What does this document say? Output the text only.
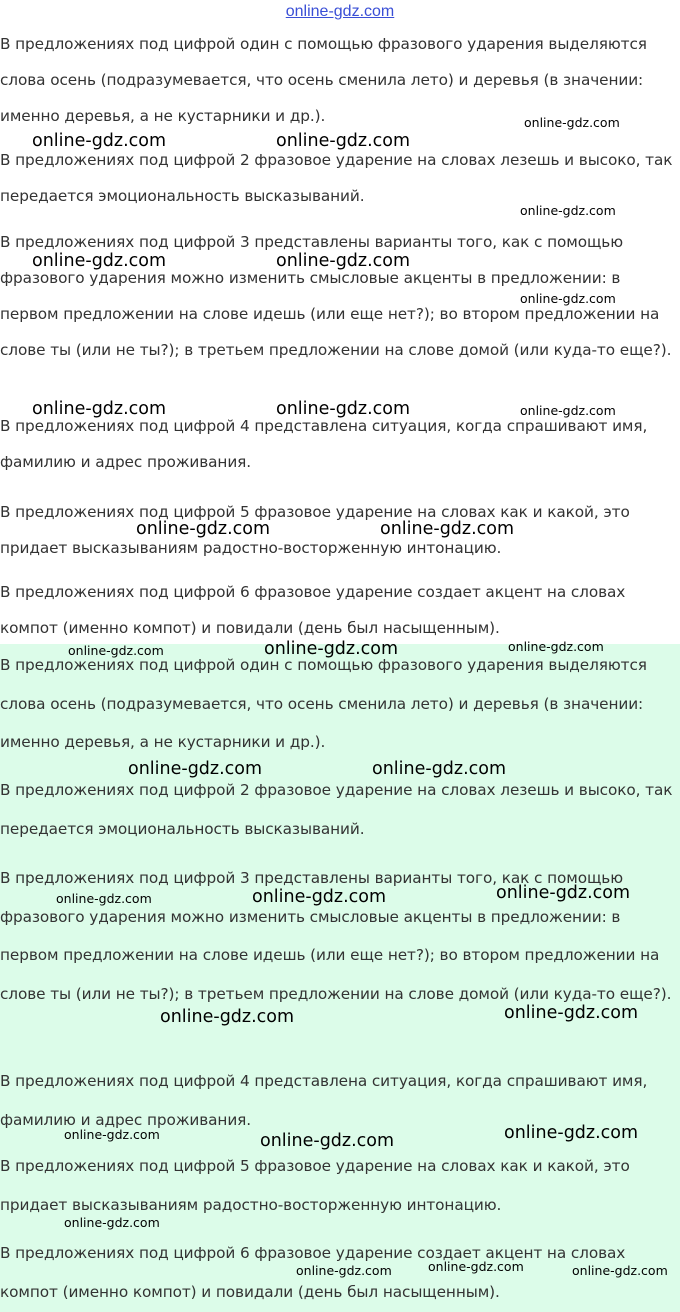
online-gdz.com

В предложениях под цифрой один с помощью фразового ударения выделяются слова осень (подразумевается, что осень сменила лето) и деревья (в значении: именно деревья, а не кустарники и др.).

В предложениях под цифрой 2 фразовое ударение на словах лезешь и высоко, так передается эмоциональность высказываний.

В предложениях под цифрой 3 представлены варианты того, как с помощью фразового ударения можно изменить смысловые акценты в предложении: в первом предложении на слове идешь (или еще нет?); во втором предложении на слове ты (или не ты?); в третьем предложении на слове домой (или куда-то еще?).

В предложениях под цифрой 4 представлена ситуация, когда спрашивают имя, фамилию и адрес проживания.

В предложениях под цифрой 5 фразовое ударение на словах как и какой, это придает высказываниям радостно-восторженную интонацию.

В предложениях под цифрой 6 фразовое ударение создает акцент на словах компот (именно компот) и повидали (день был насыщенным).

В предложениях под цифрой один с помощью фразового ударения выделяются слова осень (подразумевается, что осень сменила лето) и деревья (в значении: именно деревья, а не кустарники и др.).

В предложениях под цифрой 2 фразовое ударение на словах лезешь и высоко, так передается эмоциональность высказываний.

В предложениях под цифрой 3 представлены варианты того, как с помощью фразового ударения можно изменить смысловые акценты в предложении: в первом предложении на слове идешь (или еще нет?); во втором предложении на слове ты (или не ты?); в третьем предложении на слове домой (или куда-то еще?).

В предложениях под цифрой 4 представлена ситуация, когда спрашивают имя, фамилию и адрес проживания.

В предложениях под цифрой 5 фразовое ударение на словах как и какой, это придает высказываниям радостно-восторженную интонацию.

В предложениях под цифрой 6 фразовое ударение создает акцент на словах компот (именно компот) и повидали (день был насыщенным).

online-gdz.com	online-gdz.com
online-gdz.com
online-gdz.com
online-gdz.com	online-gdz.com
online-gdz.com
online-gdz.com	online-gdz.com	online-gdz.com
online-gdz.com	online-gdz.com
online-gdz.com	online-gdz.com	online-gdz.com
online-gdz.com	online-gdz.com
online-gdz.com	online-gdz.com	online-gdz.com
online-gdz.com	online-gdz.com
online-gdz.com	online-gdz.com	online-gdz.com
online-gdz.com
online-gdz.com	online-gdz.com	online-gdz.com
